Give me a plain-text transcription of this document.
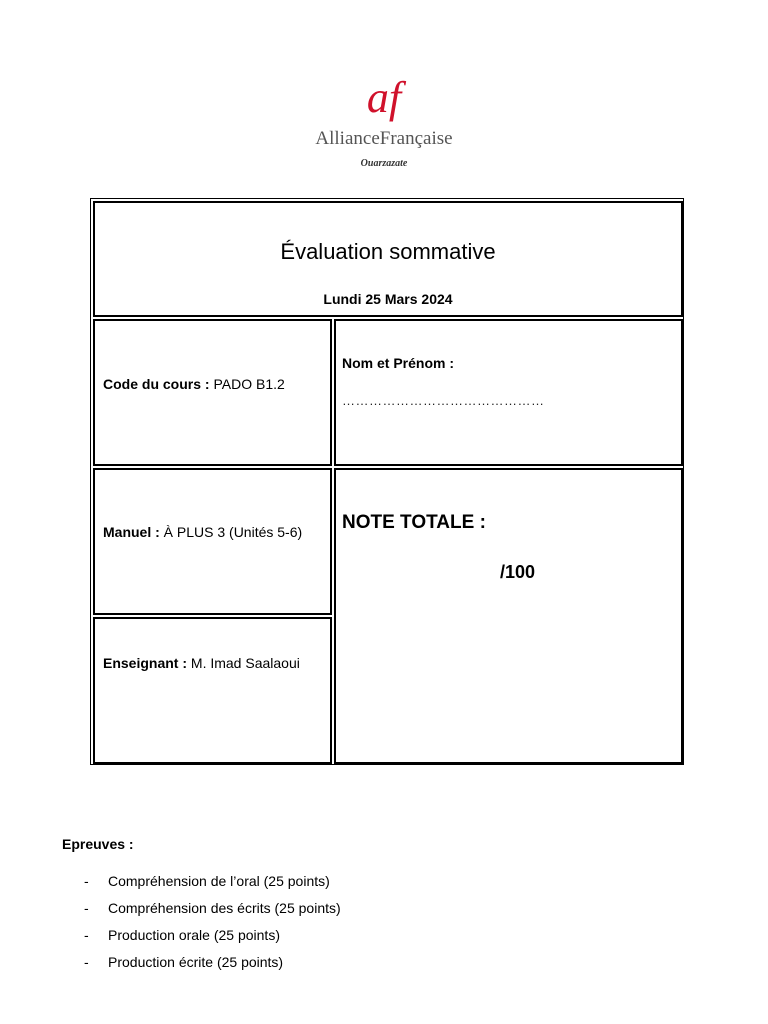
af
AllianceFrançaise
Ouarzazate
Évaluation sommative
Lundi 25 Mars 2024
Code du cours : PADO B1.2
Nom et Prénom :
………………………………………
Manuel : À PLUS 3 (Unités 5-6) NOTE TOTALE :
/100
Enseignant : M. Imad Saalaoui
Epreuves :
- Compréhension de l’oral (25 points)
- Compréhension des écrits (25 points)
- Production orale (25 points)
- Production écrite (25 points)
